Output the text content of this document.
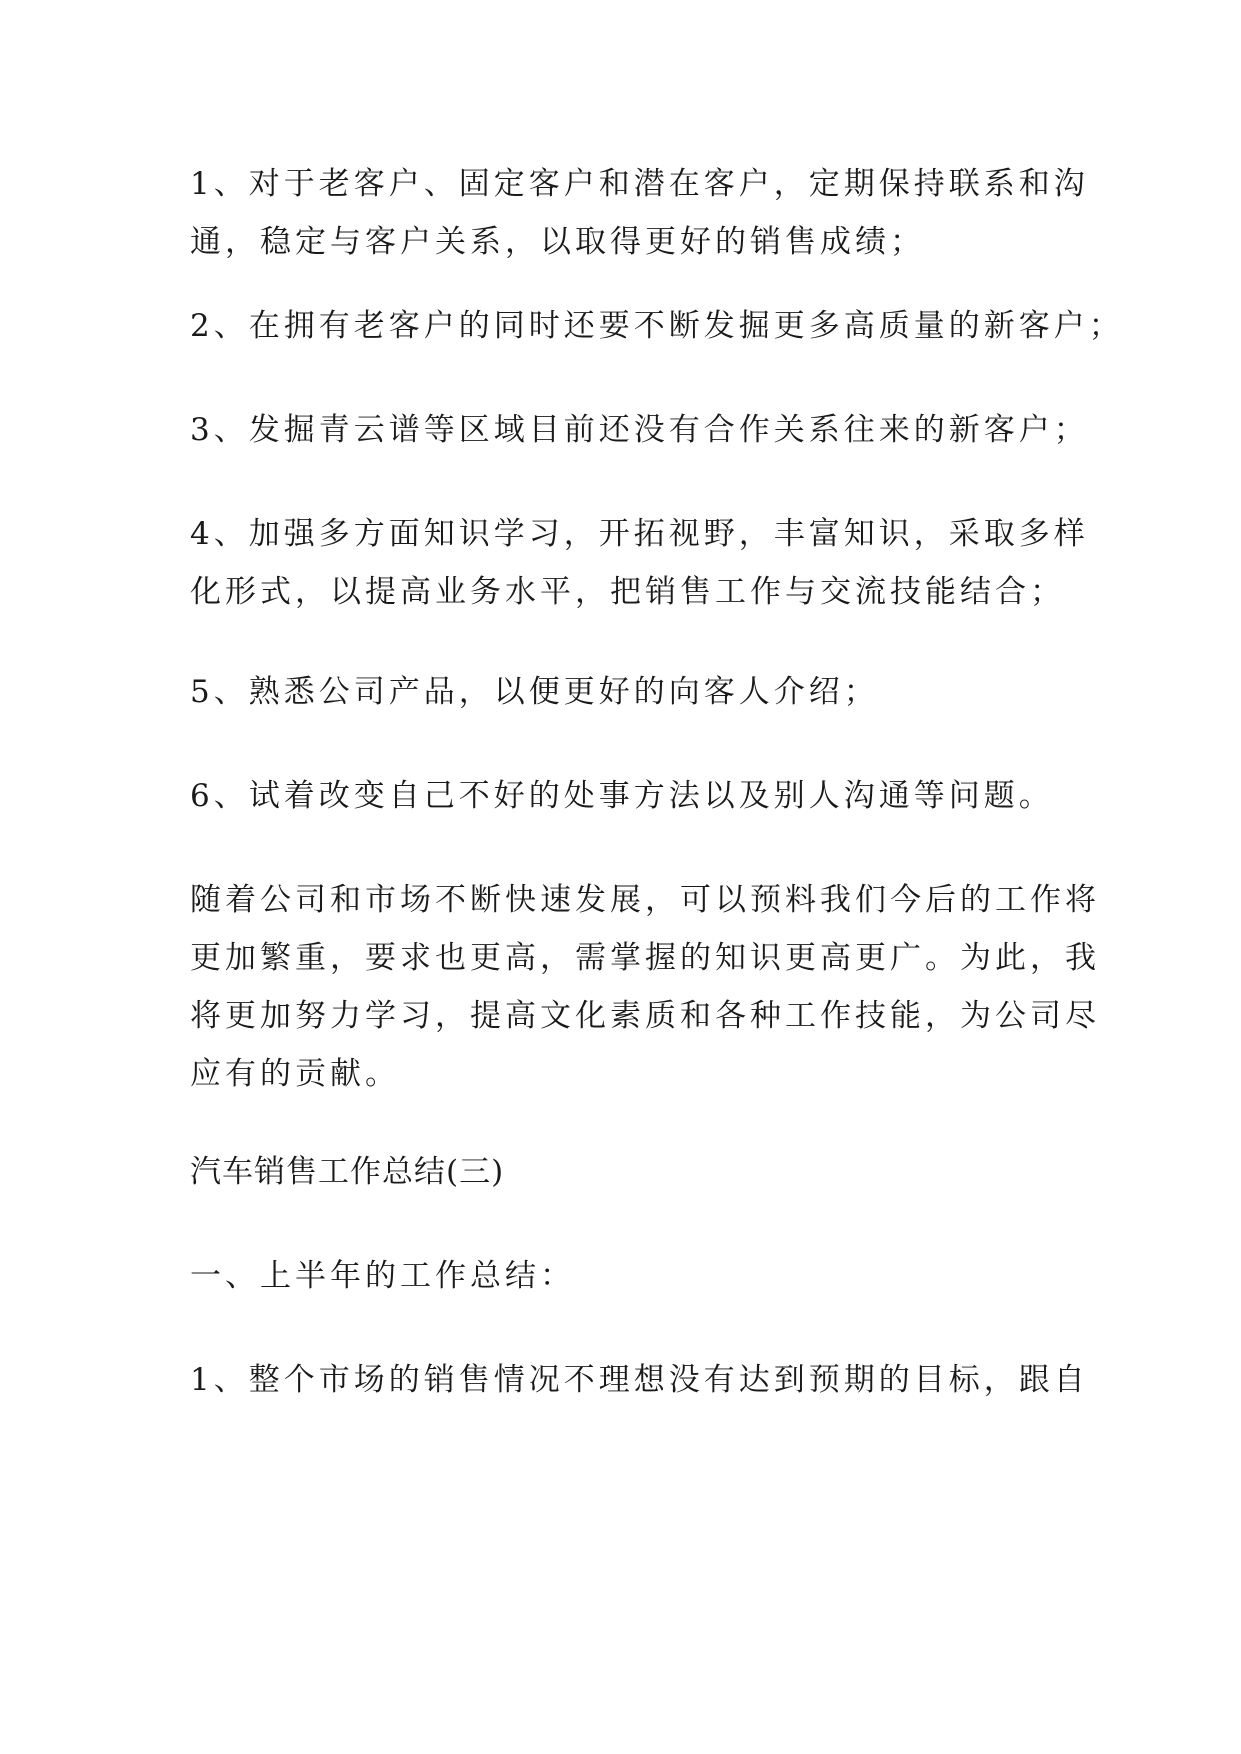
1、对于老客户、固定客户和潜在客户，定期保持联系和沟
通，稳定与客户关系，以取得更好的销售成绩；

2、在拥有老客户的同时还要不断发掘更多高质量的新客户；

3、发掘青云谱等区域目前还没有合作关系往来的新客户；

4、加强多方面知识学习，开拓视野，丰富知识，采取多样
化形式，以提高业务水平，把销售工作与交流技能结合；

5、熟悉公司产品，以便更好的向客人介绍；

6、试着改变自己不好的处事方法以及别人沟通等问题。

随着公司和市场不断快速发展，可以预料我们今后的工作将
更加繁重，要求也更高，需掌握的知识更高更广。为此，我
将更加努力学习，提高文化素质和各种工作技能，为公司尽
应有的贡献。

汽车销售工作总结(三)

一、上半年的工作总结：

1、整个市场的销售情况不理想没有达到预期的目标，跟自
